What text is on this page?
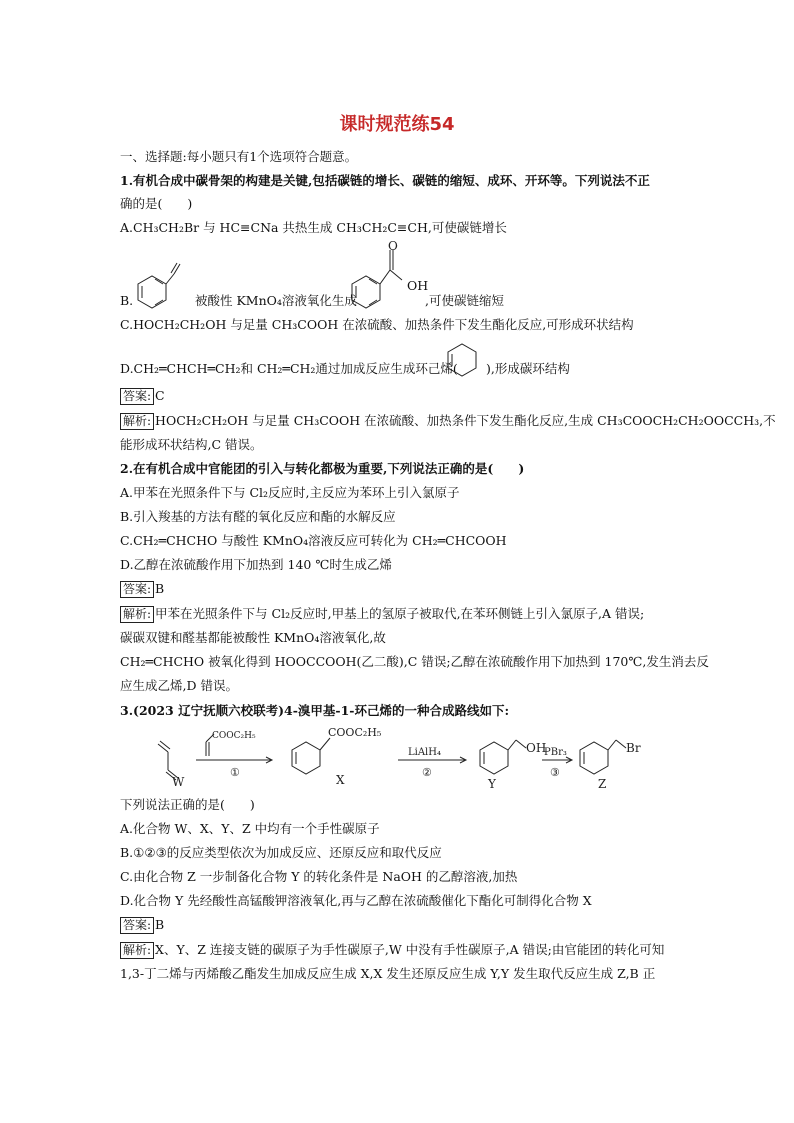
课时规范练54
一、选择题:每小题只有1个选项符合题意。
1.有机合成中碳骨架的构建是关键,包括碳链的增长、碳链的缩短、成环、开环等。下列说法不正
确的是(　　)
A.CH₃CH₂Br 与 HC≡CNa 共热生成 CH₃CH₂C≡CH,可使碳链增长
B.
O
被酸性 KMnO₄溶液氧化生成
OH
,可使碳链缩短
C.HOCH₂CH₂OH 与足量 CH₃COOH 在浓硫酸、加热条件下发生酯化反应,可形成环状结构
D.CH₂═CHCH═CH₂和 CH₂═CH₂通过加成反应生成环己烯( ),形成碳环结构
答案: C
解析: HOCH₂CH₂OH 与足量 CH₃COOH 在浓硫酸、加热条件下发生酯化反应,生成 CH₃COOCH₂CH₂OOCCH₃,不
能形成环状结构,C 错误。
2.在有机合成中官能团的引入与转化都极为重要,下列说法正确的是(　　)
A.甲苯在光照条件下与 Cl₂反应时,主反应为苯环上引入氯原子
B.引入羧基的方法有醛的氧化反应和酯的水解反应
C.CH₂═CHCHO 与酸性 KMnO₄溶液反应可转化为 CH₂═CHCOOH
D.乙醇在浓硫酸作用下加热到 140 ℃时生成乙烯
答案: B
解析: 甲苯在光照条件下与 Cl₂反应时,甲基上的氢原子被取代,在苯环侧链上引入氯原子,A 错误;
碳碳双键和醛基都能被酸性 KMnO₄溶液氧化,故
CH₂═CHCHO 被氧化得到 HOOCCOOH(乙二酸),C 错误;乙醇在浓硫酸作用下加热到 170℃,发生消去反
应生成乙烯,D 错误。
3.(2023 辽宁抚顺六校联考)4-溴甲基-1-环己烯的一种合成路线如下:
W
COOC₂H₅
①
COOC₂H₅
X
LiAlH₄
②
OH
Y
PBr₃
③
Br
Z
下列说法正确的是(　　)
A.化合物 W、X、Y、Z 中均有一个手性碳原子
B.①②③的反应类型依次为加成反应、还原反应和取代反应
C.由化合物 Z 一步制备化合物 Y 的转化条件是 NaOH 的乙醇溶液,加热
D.化合物 Y 先经酸性高锰酸钾溶液氧化,再与乙醇在浓硫酸催化下酯化可制得化合物 X
答案: B
解析: X、Y、Z 连接支链的碳原子为手性碳原子,W 中没有手性碳原子,A 错误;由官能团的转化可知
1,3-丁二烯与丙烯酸乙酯发生加成反应生成 X,X 发生还原反应生成 Y,Y 发生取代反应生成 Z,B 正
